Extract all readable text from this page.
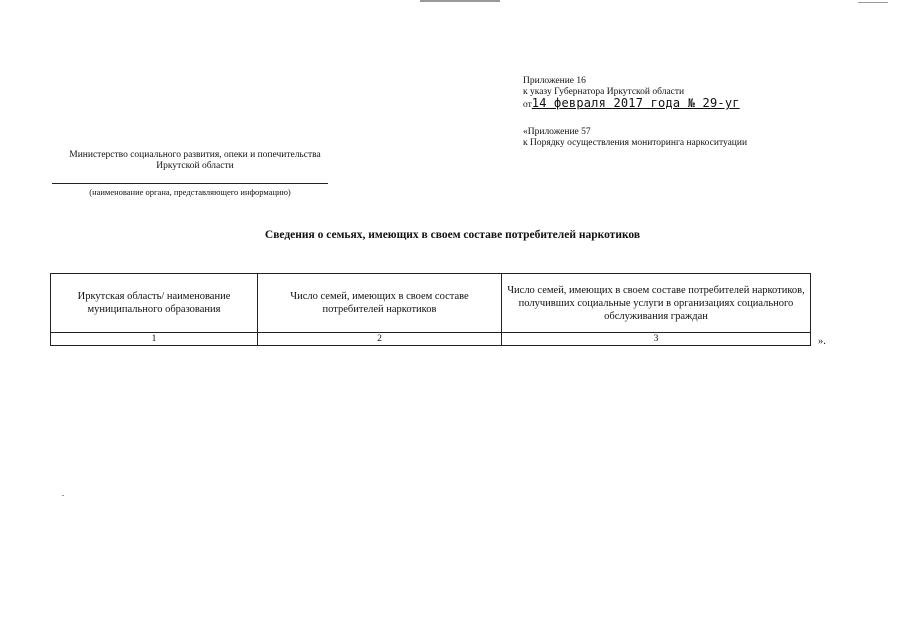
Приложение 16
к указу Губернатора Иркутской области
от14 февраля 2017 года № 29-уг
«Приложение 57
к Порядку осуществления мониторинга наркоситуации
Министерство социального развития, опеки и попечительства
Иркутской области
(наименование органа, представляющего информацию)
Сведения о семьях, имеющих в своем составе потребителей наркотиков
Иркутская область/ наименование муниципального образования	Число семей, имеющих в своем составе потребителей наркотиков	Число семей, имеющих в своем составе потребителей наркотиков, получивших социальные услуги в организациях социального обслуживания граждан
1	2	3	».
